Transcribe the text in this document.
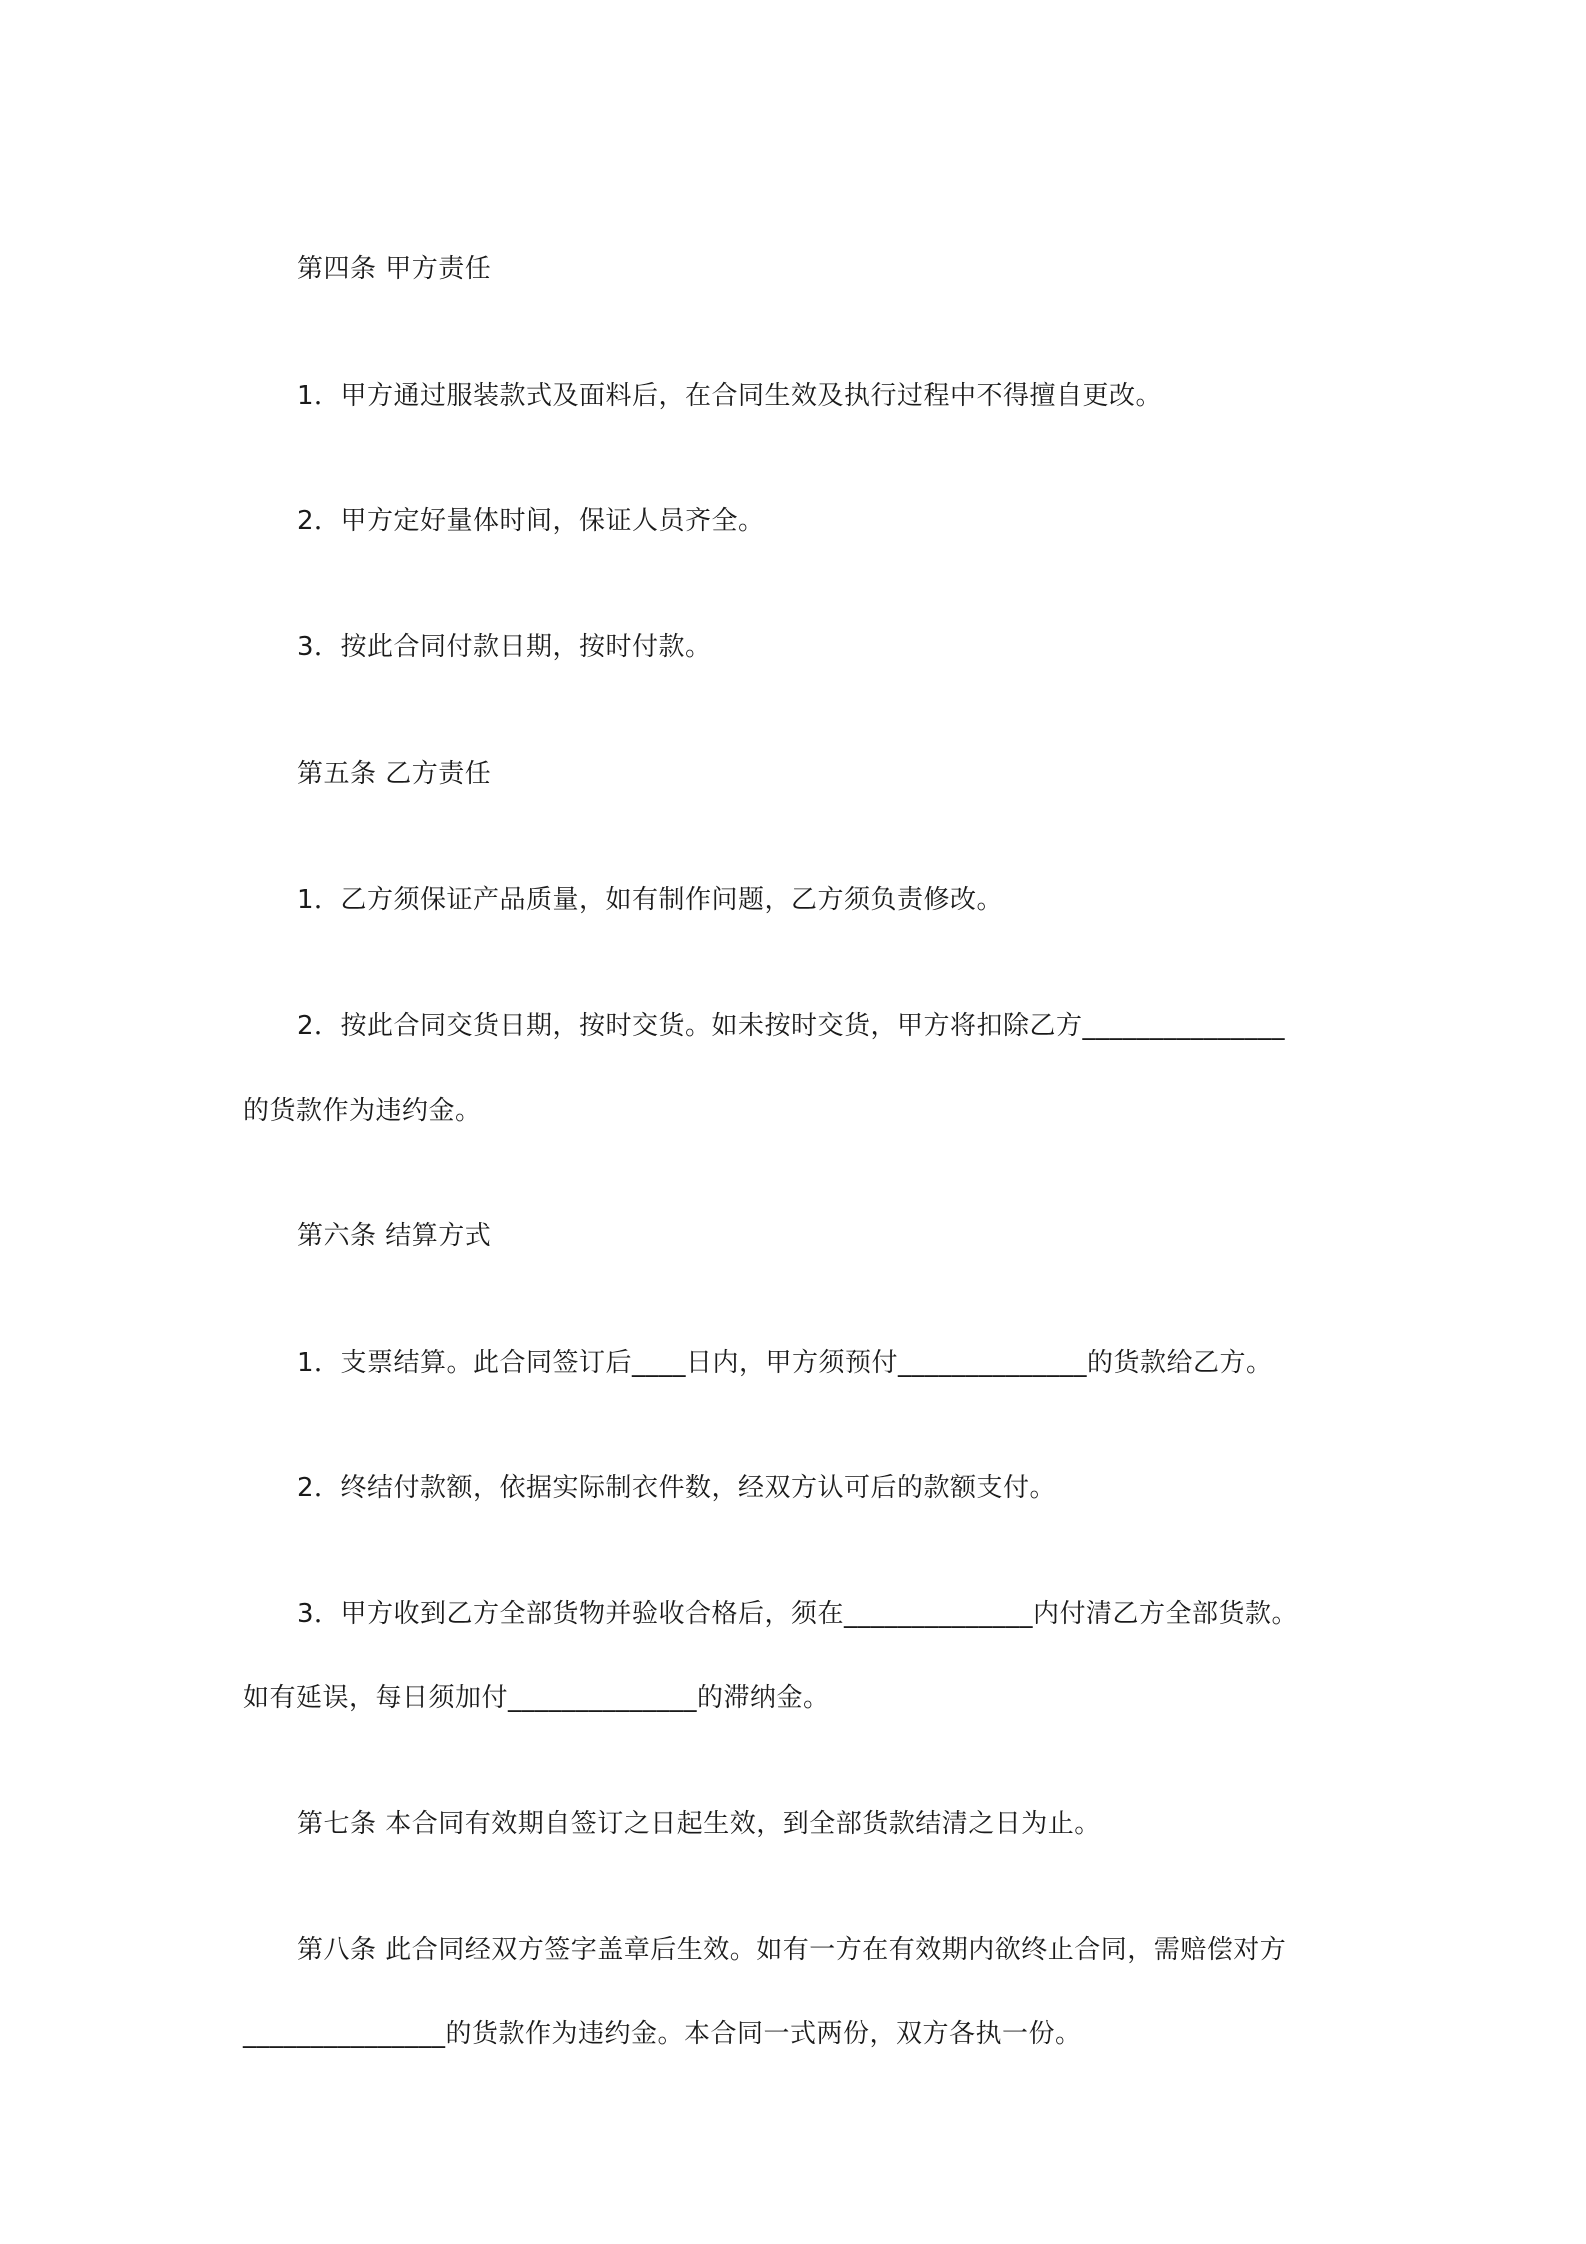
第四条 甲方责任
1．甲方通过服装款式及面料后，在合同生效及执行过程中不得擅自更改。
2．甲方定好量体时间，保证人员齐全。
3．按此合同付款日期，按时付款。
第五条 乙方责任
1．乙方须保证产品质量，如有制作问题，乙方须负责修改。
2．按此合同交货日期，按时交货。如未按时交货，甲方将扣除乙方_______________
的货款作为违约金。
第六条 结算方式
1．支票结算。此合同签订后____日内，甲方须预付______________的货款给乙方。
2．终结付款额，依据实际制衣件数，经双方认可后的款额支付。
3．甲方收到乙方全部货物并验收合格后，须在______________内付清乙方全部货款。
如有延误，每日须加付______________的滞纳金。
第七条 本合同有效期自签订之日起生效，到全部货款结清之日为止。
第八条 此合同经双方签字盖章后生效。如有一方在有效期内欲终止合同，需赔偿对方
_______________的货款作为违约金。本合同一式两份，双方各执一份。
